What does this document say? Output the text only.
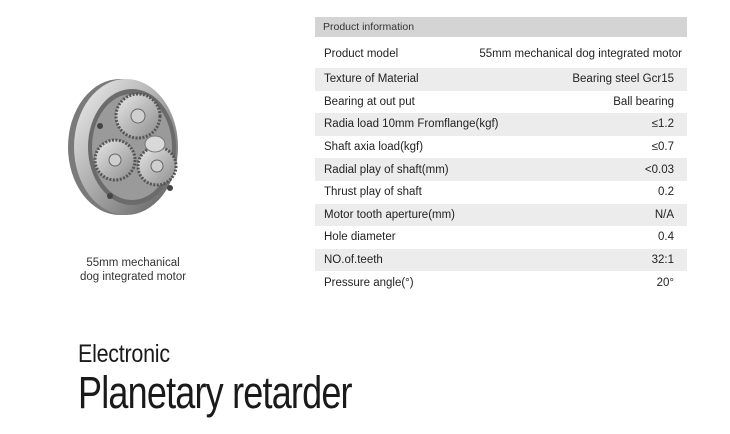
55mm mechanical
dog integrated motor
Product information
Product model	55mm mechanical dog integrated motor
Texture of Material	Bearing steel Gcr15
Bearing at out put	Ball bearing
Radia load 10mm Fromflange(kgf)	≤1.2
Shaft axia load(kgf)	≤0.7
Radial play of shaft(mm)	<0.03
Thrust play of shaft	0.2
Motor tooth aperture(mm)	N/A
Hole diameter	0.4
NO.of.teeth	32:1
Pressure angle(°)	20°
Electronic
Planetary retarder
